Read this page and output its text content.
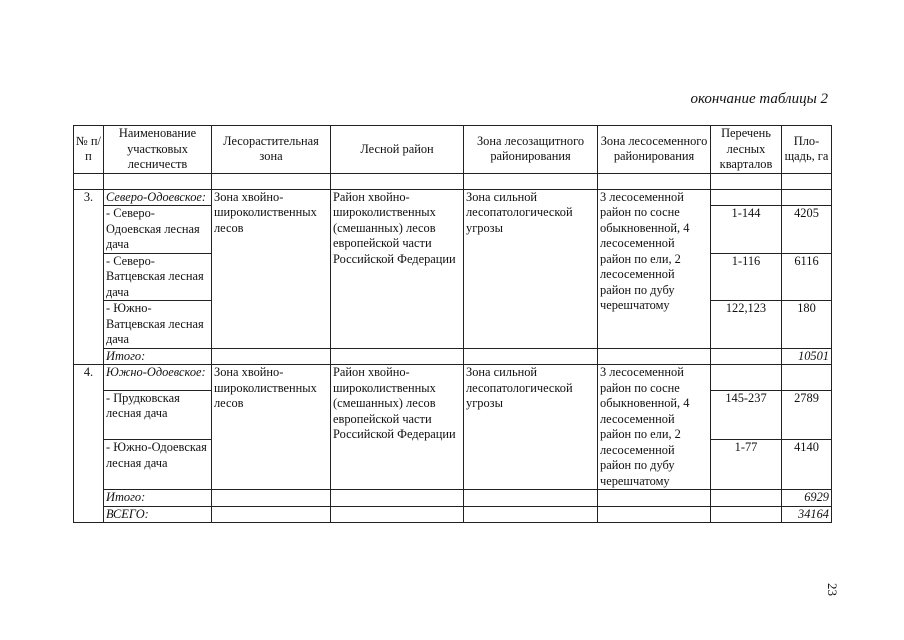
окончание таблицы 2
№ п/п	Наименование участковых лесничеств	Лесорастительная зона	Лесной район	Зона лесозащитного районирования	Зона лесосеменного районирования	Перечень лесных кварталов	Пло-щадь, га

3.	Северо-Одоевское:	Зона хвойно-широколиственных лесов	Район хвойно-широколиственных (смешанных) лесов европейской части Российской Федерации	Зона сильной лесопатологической угрозы	3 лесосеменной район по сосне обыкновенной, 4 лесосеменной район по ели, 2 лесосеменной район по дубу черешчатому		
	- Северо-Одоевская лесная дача					1-144	4205
	- Северо-Ватцевская лесная дача					1-116	6116
	- Южно-Ватцевская лесная дача					122,123	180
	Итого:						10501
4.	Южно-Одоевское:	Зона хвойно-широколиственных лесов	Район хвойно-широколиственных (смешанных) лесов европейской части Российской Федерации	Зона сильной лесопатологической угрозы	3 лесосеменной район по сосне обыкновенной, 4 лесосеменной район по ели, 2 лесосеменной район по дубу черешчатому		
	- Прудковская лесная дача					145-237	2789
	- Южно-Одоевская лесная дача					1-77	4140
	Итого:						6929
	ВСЕГО:						34164
23
